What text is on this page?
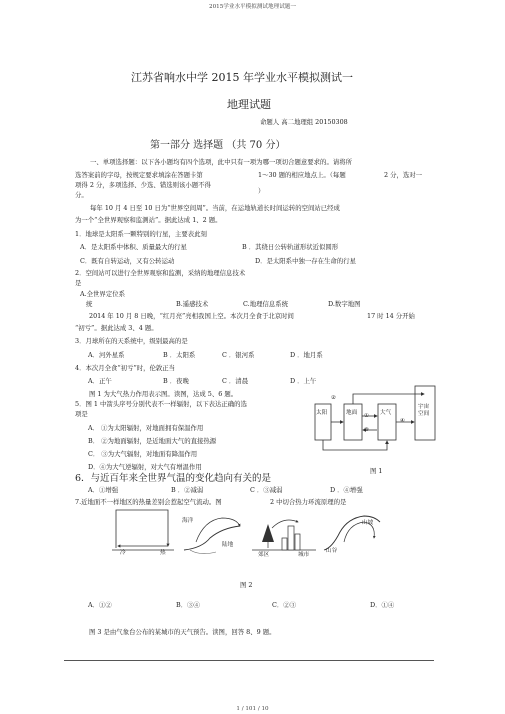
2015学业水平模拟测试地理试题一
江苏省响水中学 2015 年学业水平模拟测试一
地理试题
命题人 高二地理组 20150308
第一部分 选择题 （共 70 分）
一、单项选择题：以下各小题均有四个选项，此中只有一项为哪一项切合题意要求的。请将所
选答案前的字母，按规定要求填涂在答题卡第	1～30 题的相应地点上。（每题	2 分，选对一
项得 2 分，多项选择、少选、错选则该小题不得
分。	）
每年 10 月 4 日至 10 日为“世界空间周”。当前，在运地轨道长时间运转的空间站已经成
为一个“全世界观察和监测站”。据此达成 1、2 题。
1．地球是太阳系一颗特别的行星，主要表此刻
A．是太阳系中体积、质量最大的行星	B ．其绕日公转轨道形状近似圆形
C．既有自转运动，又有公转运动	D．是太阳系中独一存在生命的行星
2．空间站可以进行全世界观察和监测，采纳的地理信息技术
是
A.全世界定位系
统	B.遥感技术	C.地理信息系统	D.数字地图
2014 年 10 月 8 日晚，“红月亮”亮相我国上空。本次月全食于北京时间	17 时 14 分开始
“初亏”。据此达成 3、4 题。
3．月球所在的天系统中，级别最高的是
A．河外星系	B ．太阳系	C ．银河系	D ．地月系
4．本次月全食“初亏”时，伦敦正当
A．正午	B ．夜晚	C ．清晨	D ．上午
图 1 为大气热力作用表示图。读图，达成 5、6 题。
5．图 1 中箭头序号分别代表不一样辐射，以下表达正确的选
项是
A． ①为太阳辐射，对地面拥有保温作用
B． ②为地面辐射，是近地面大气的直接热源
C． ③为大气辐射，对地面有降温作用
D．④为大气逆辐射，对大气有增温作用
太阳	地面	大气
宇宙空间
①
②
③
④
图 1
6．与近百年来全世界气温的变化趋向有关的是
A．①增强	B ．②减弱	C ．③减弱	D ．④增强
7.近地面不一样地区的热量差别会惹起空气流动。图	2 中切合热力环流原理的是
冷	热
海洋
陆地
郊区	城市
山谷
山坡
图 2
A．①②	B．③④	C．②③	D．①④
图 3 是由气象台公布的某城市的天气预告。读图，回答 8、9 题。
1 / 101 / 10
